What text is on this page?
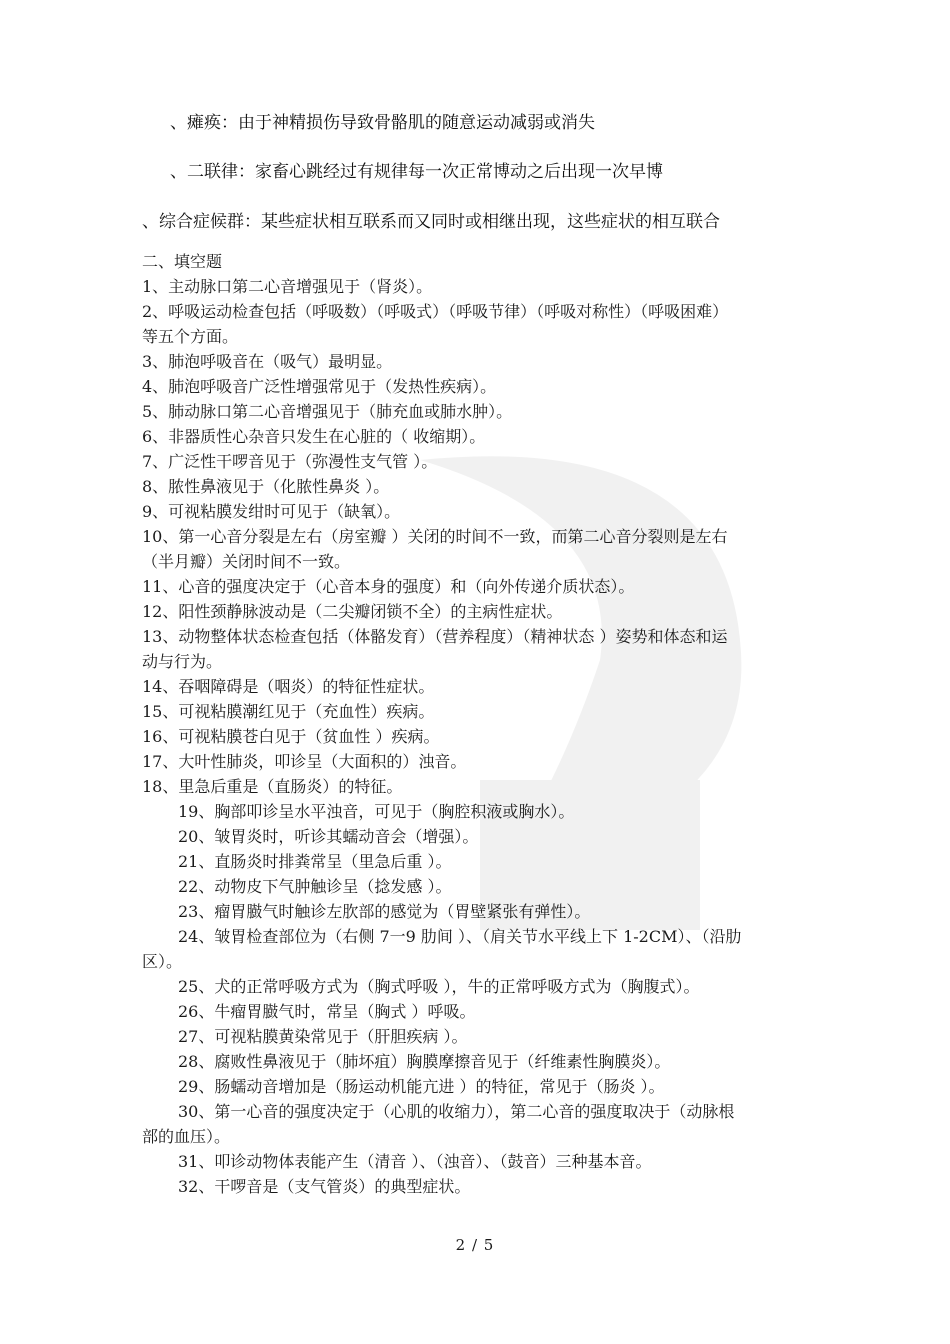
、瘫痪：由于神精损伤导致骨骼肌的随意运动减弱或消失
、二联律：家畜心跳经过有规律每一次正常博动之后出现一次早博
、综合症候群：某些症状相互联系而又同时或相继出现，这些症状的相互联合
二、填空题
1、主动脉口第二心音增强见于（肾炎）。
2、呼吸运动检查包括（呼吸数）（呼吸式）（呼吸节律）（呼吸对称性）（呼吸困难）
等五个方面。
3、肺泡呼吸音在（吸气）最明显。
4、肺泡呼吸音广泛性增强常见于（发热性疾病）。
5、肺动脉口第二心音增强见于（肺充血或肺水肿）。
6、非器质性心杂音只发生在心脏的（ 收缩期）。
7、广泛性干啰音见于（弥漫性支气管 ）。
8、脓性鼻液见于（化脓性鼻炎 ）。
9、可视粘膜发绀时可见于（缺氧）。
10、第一心音分裂是左右（房室瓣 ）关闭的时间不一致，而第二心音分裂则是左右
（半月瓣）关闭时间不一致。
11、心音的强度决定于（心音本身的强度）和（向外传递介质状态）。
12、阳性颈静脉波动是（二尖瓣闭锁不全）的主病性症状。
13、动物整体状态检查包括（体骼发育）（营养程度）（精神状态 ）姿势和体态和运
动与行为。
14、吞咽障碍是（咽炎）的特征性症状。
15、可视粘膜潮红见于（充血性）疾病。
16、可视粘膜苍白见于（贫血性 ）疾病。
17、大叶性肺炎，叩诊呈（大面积的）浊音。
18、里急后重是（直肠炎）的特征。
19、胸部叩诊呈水平浊音，可见于（胸腔积液或胸水）。
20、皱胃炎时，听诊其蠕动音会（增强）。
21、直肠炎时排粪常呈（里急后重 ）。
22、动物皮下气肿触诊呈（捻发感 ）。
23、瘤胃臌气时触诊左肷部的感觉为（胃壁紧张有弹性）。
24、皱胃检查部位为（右侧 7一9 肋间 ）、（肩关节水平线上下 1-2CM）、（沿肋
区）。
25、犬的正常呼吸方式为（胸式呼吸 ），牛的正常呼吸方式为（胸腹式）。
26、牛瘤胃臌气时，常呈（胸式 ）呼吸。
27、可视粘膜黄染常见于（肝胆疾病 ）。
28、腐败性鼻液见于（肺坏疽）胸膜摩擦音见于（纤维素性胸膜炎）。
29、肠蠕动音增加是（肠运动机能亢进 ）的特征，常见于（肠炎 ）。
30、第一心音的强度决定于（心肌的收缩力），第二心音的强度取决于（动脉根
部的血压）。
31、叩诊动物体表能产生（清音 ）、（浊音）、（鼓音）三种基本音。
32、干啰音是（支气管炎）的典型症状。
2 / 5
